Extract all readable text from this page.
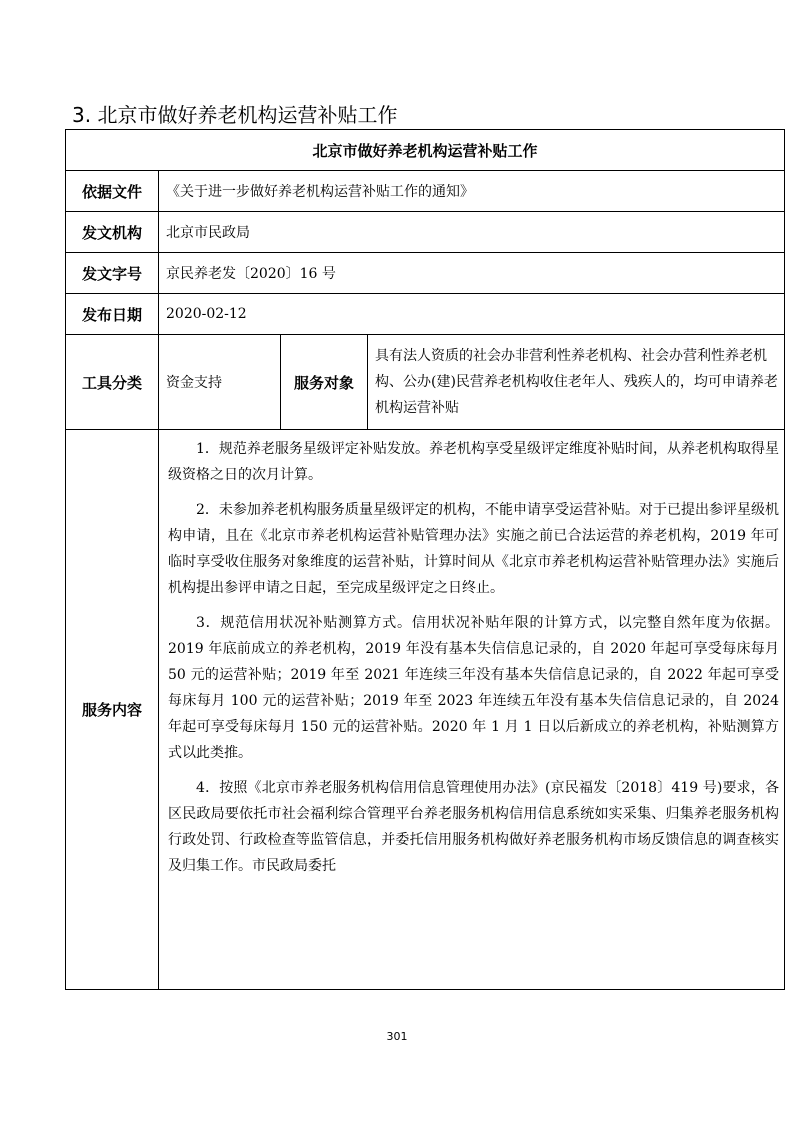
3. 北京市做好养老机构运营补贴工作
北京市做好养老机构运营补贴工作			
依据文件	《关于进一步做好养老机构运营补贴工作的通知》		
发文机构	北京市民政局		
发文字号	京民养老发〔2020〕16 号		
发布日期	2020-02-12		
工具分类	资金支持	服务对象	具有法人资质的社会办非营利性养老机构、社会办营利性养老机构、公办(建)民营养老机构收住老年人、残疾人的，均可申请养老机构运营补贴
服务内容	1．规范养老服务星级评定补贴发放。养老机构享受星级评定维度补贴时间，从养老机构取得星级资格之日的次月计算。

2．未参加养老机构服务质量星级评定的机构，不能申请享受运营补贴。对于已提出参评星级机构申请，且在《北京市养老机构运营补贴管理办法》实施之前已合法运营的养老机构，2019 年可临时享受收住服务对象维度的运营补贴，计算时间从《北京市养老机构运营补贴管理办法》实施后机构提出参评申请之日起，至完成星级评定之日终止。

3．规范信用状况补贴测算方式。信用状况补贴年限的计算方式，以完整自然年度为依据。2019 年底前成立的养老机构，2019 年没有基本失信信息记录的，自 2020 年起可享受每床每月 50 元的运营补贴；2019 年至 2021 年连续三年没有基本失信信息记录的，自 2022 年起可享受每床每月 100 元的运营补贴；2019 年至 2023 年连续五年没有基本失信信息记录的，自 2024 年起可享受每床每月 150 元的运营补贴。2020 年 1 月 1 日以后新成立的养老机构，补贴测算方式以此类推。

4．按照《北京市养老服务机构信用信息管理使用办法》(京民福发〔2018〕419 号)要求，各区民政局要依托市社会福利综合管理平台养老服务机构信用信息系统如实采集、归集养老服务机构行政处罚、行政检查等监管信息，并委托信用服务机构做好养老服务机构市场反馈信息的调查核实及归集工作。市民政局委托		

301
